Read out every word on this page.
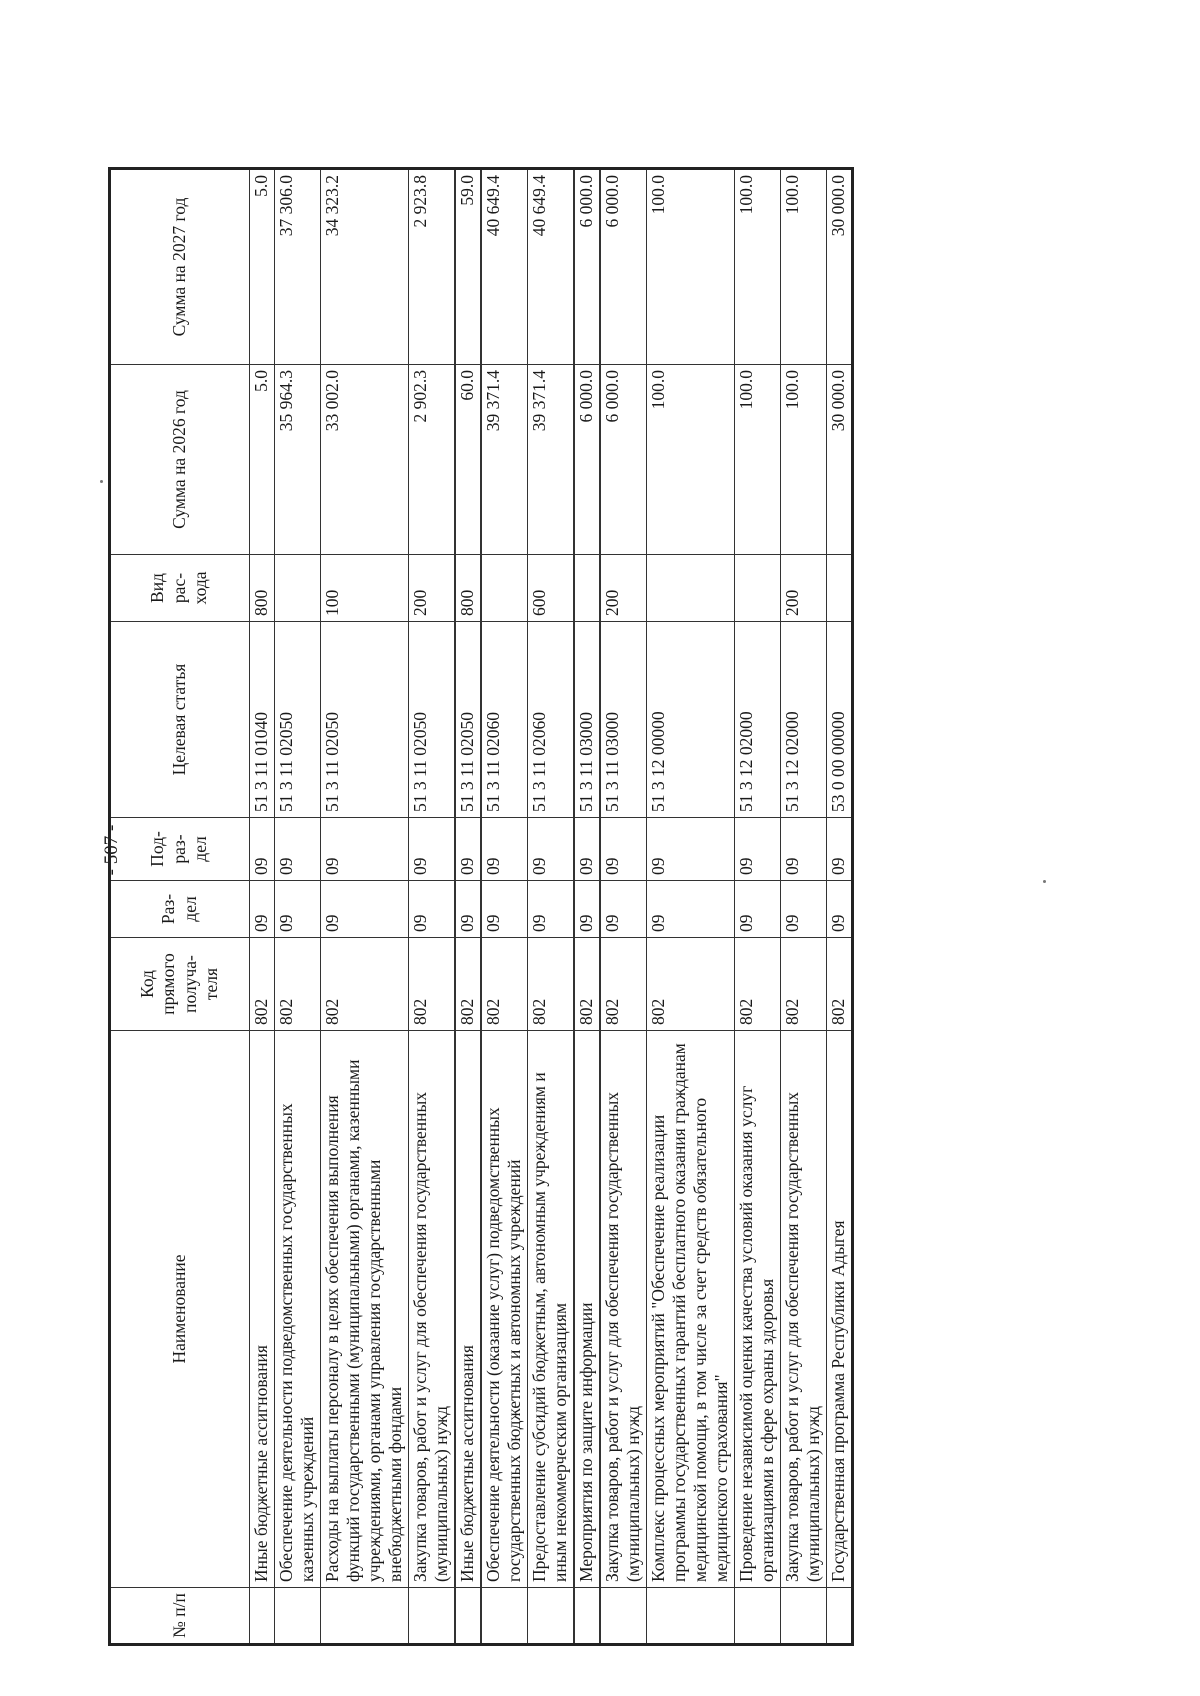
- 507 -
№ п/п	Наименование	Код прямого получа-теля	Раз-дел	Под-раз-дел	Целевая статья	Вид рас-хода	Сумма на 2026 год	Сумма на 2027 год
	Иные бюджетные ассигнования	802	09	09	51 3 11 01040	800	5.0	5.0
	Обеспечение деятельности подведомственных государственных казенных учреждений	802	09	09	51 3 11 02050		35 964.3	37 306.0
	Расходы на выплаты персоналу в целях обеспечения выполнения функций государственными (муниципальными) органами, казенными учреждениями, органами управления государственными внебюджетными фондами	802	09	09	51 3 11 02050	100	33 002.0	34 323.2
	Закупка товаров, работ и услуг для обеспечения государственных (муниципальных) нужд	802	09	09	51 3 11 02050	200	2 902.3	2 923.8
	Иные бюджетные ассигнования	802	09	09	51 3 11 02050	800	60.0	59.0
	Обеспечение деятельности (оказание услуг) подведомственных государственных бюджетных и автономных учреждений	802	09	09	51 3 11 02060		39 371.4	40 649.4
	Предоставление субсидий бюджетным, автономным учреждениям и иным некоммерческим организациям	802	09	09	51 3 11 02060	600	39 371.4	40 649.4
	Мероприятия по защите информации	802	09	09	51 3 11 03000		6 000.0	6 000.0
	Закупка товаров, работ и услуг для обеспечения государственных (муниципальных) нужд	802	09	09	51 3 11 03000	200	6 000.0	6 000.0
	Комплекс процессных мероприятий "Обеспечение реализации программы государственных гарантий бесплатного оказания гражданам медицинской помощи, в том числе за счет средств обязательного медицинского страхования"	802	09	09	51 3 12 00000		100.0	100.0
	Проведение независимой оценки качества условий оказания услуг организациями в сфере охраны здоровья	802	09	09	51 3 12 02000		100.0	100.0
	Закупка товаров, работ и услуг для обеспечения государственных (муниципальных) нужд	802	09	09	51 3 12 02000	200	100.0	100.0
	Государственная программа Республики Адыгея	802	09	09	53 0 00 00000		30 000.0	30 000.0
